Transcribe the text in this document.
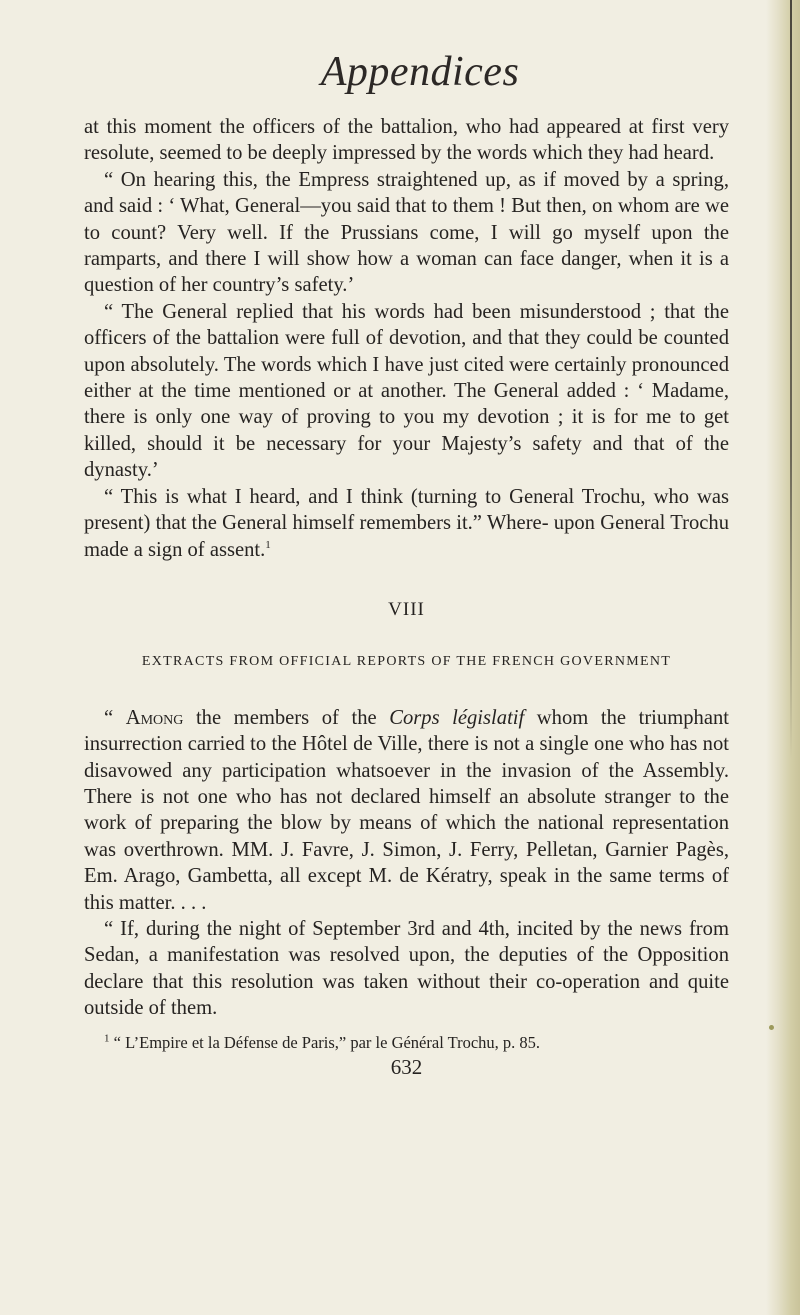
Appendices

at this moment the officers of the battalion, who had appeared at first very resolute, seemed to be deeply impressed by the words which they had heard.

“ On hearing this, the Empress straightened up, as if moved by a spring, and said : ‘ What, General—you said that to them ! But then, on whom are we to count? Very well. If the Prussians come, I will go myself upon the ramparts, and there I will show how a woman can face danger, when it is a question of her country’s safety.’

“ The General replied that his words had been misunderstood ; that the officers of the battalion were full of devotion, and that they could be counted upon absolutely. The words which I have just cited were certainly pronounced either at the time mentioned or at another. The General added : ‘ Madame, there is only one way of proving to you my devotion ; it is for me to get killed, should it be necessary for your Majesty’s safety and that of the dynasty.’

“ This is what I heard, and I think (turning to General Trochu, who was present) that the General himself remembers it.” Where- upon General Trochu made a sign of assent.$^1$

VIII
EXTRACTS FROM OFFICIAL REPORTS OF THE FRENCH GOVERNMENT

“ Among the members of the Corps législatif whom the triumphant insurrection carried to the Hôtel de Ville, there is not a single one who has not disavowed any participation whatsoever in the invasion of the Assembly. There is not one who has not declared himself an absolute stranger to the work of preparing the blow by means of which the national representation was overthrown. MM. J. Favre, J. Simon, J. Ferry, Pelletan, Garnier Pagès, Em. Arago, Gambetta, all except M. de Kératry, speak in the same terms of this matter. . . .

“ If, during the night of September 3rd and 4th, incited by the news from Sedan, a manifestation was resolved upon, the deputies of the Opposition declare that this resolution was taken without their co-operation and quite outside of them.

$^1$ “ L’Empire et la Défense de Paris,” par le Général Trochu, p. 85.
632
